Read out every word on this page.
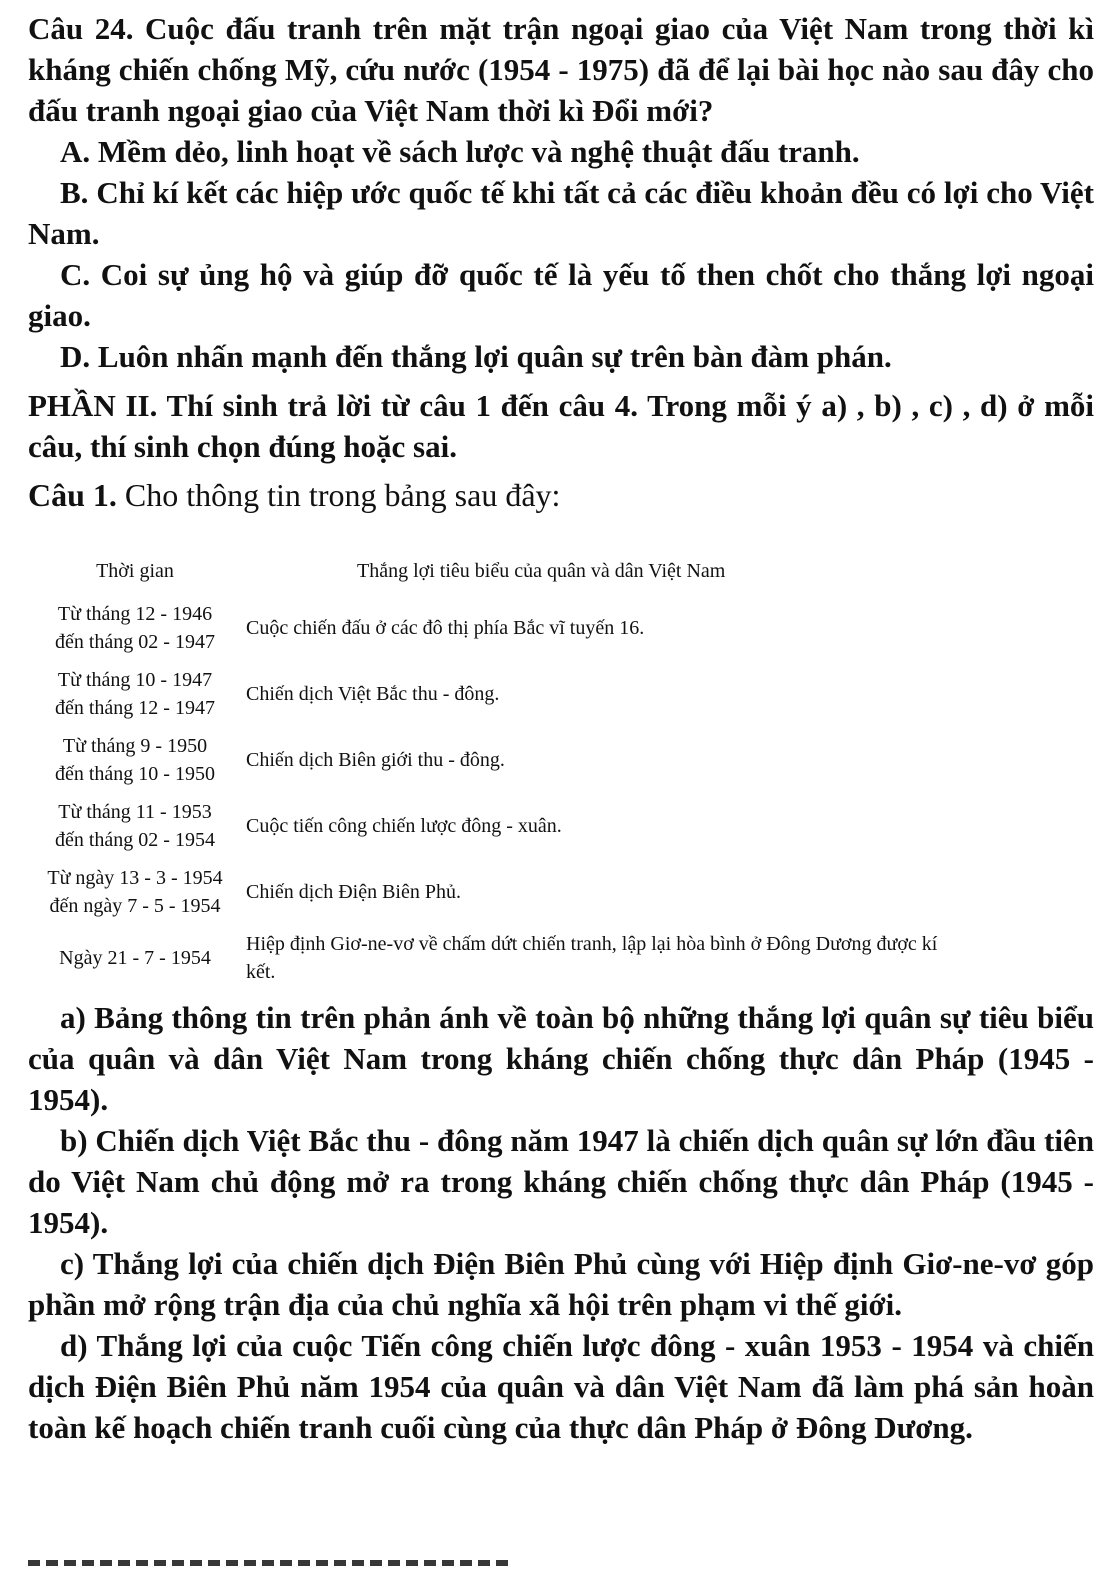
Câu 24. Cuộc đấu tranh trên mặt trận ngoại giao của Việt Nam trong thời kì kháng chiến chống Mỹ, cứu nước (1954 - 1975) đã để lại bài học nào sau đây cho đấu tranh ngoại giao của Việt Nam thời kì Đổi mới?

A. Mềm dẻo, linh hoạt về sách lược và nghệ thuật đấu tranh.

B. Chỉ kí kết các hiệp ước quốc tế khi tất cả các điều khoản đều có lợi cho Việt Nam.

C. Coi sự ủng hộ và giúp đỡ quốc tế là yếu tố then chốt cho thắng lợi ngoại giao.

D. Luôn nhấn mạnh đến thắng lợi quân sự trên bàn đàm phán.

PHẦN II. Thí sinh trả lời từ câu 1 đến câu 4. Trong mỗi ý a) , b) , c) , d) ở mỗi câu, thí sinh chọn đúng hoặc sai.

Câu 1. Cho thông tin trong bảng sau đây:

Thời gian	Thắng lợi tiêu biểu của quân và dân Việt Nam

Từ tháng 12 - 1946
đến tháng 02 - 1947	Cuộc chiến đấu ở các đô thị phía Bắc vĩ tuyến 16.

Từ tháng 10 - 1947
đến tháng 12 - 1947	Chiến dịch Việt Bắc thu - đông.

Từ tháng 9 - 1950
đến tháng 10 - 1950	Chiến dịch Biên giới thu - đông.

Từ tháng 11 - 1953
đến tháng 02 - 1954	Cuộc tiến công chiến lược đông - xuân.

Từ ngày 13 - 3 - 1954
đến ngày 7 - 5 - 1954	Chiến dịch Điện Biên Phủ.

Ngày 21 - 7 - 1954	Hiệp định Giơ-ne-vơ về chấm dứt chiến tranh, lập lại hòa bình ở Đông Dương được kí kết.

a) Bảng thông tin trên phản ánh về toàn bộ những thắng lợi quân sự tiêu biểu của quân và dân Việt Nam trong kháng chiến chống thực dân Pháp (1945 - 1954).

b) Chiến dịch Việt Bắc thu - đông năm 1947 là chiến dịch quân sự lớn đầu tiên do Việt Nam chủ động mở ra trong kháng chiến chống thực dân Pháp (1945 - 1954).

c) Thắng lợi của chiến dịch Điện Biên Phủ cùng với Hiệp định Giơ-ne-vơ góp phần mở rộng trận địa của chủ nghĩa xã hội trên phạm vi thế giới.

d) Thắng lợi của cuộc Tiến công chiến lược đông - xuân 1953 - 1954 và chiến dịch Điện Biên Phủ năm 1954 của quân và dân Việt Nam đã làm phá sản hoàn toàn kế hoạch chiến tranh cuối cùng của thực dân Pháp ở Đông Dương.
